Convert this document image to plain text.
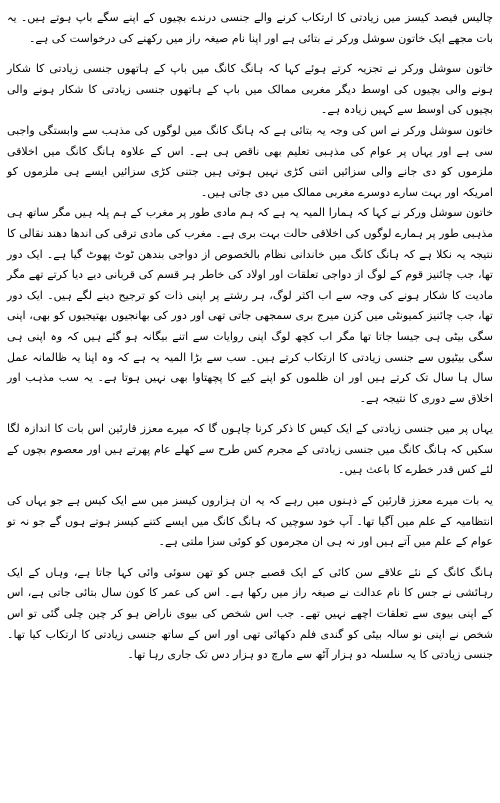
چالیس فیصد کیسز میں زیادتی کا ارتکاب کرنے والے جنسی درندے بچیوں کے اپنے سگے باپ ہوتے ہیں۔ یہ بات مجھے ایک خاتون سوشل ورکر نے بتائی ہے اور اپنا نام صیغہ راز میں رکھنے کی درخواست کی ہے۔

خاتون سوشل ورکر نے تجزیہ کرتے ہوئے کہا کہ ہانگ کانگ میں باپ کے ہاتھوں جنسی زیادتی کا شکار ہونے والی بچیوں کی اوسط دیگر مغربی ممالک میں باپ کے ہاتھوں جنسی زیادتی کا شکار ہونے والی بچیوں کی اوسط سے کہیں زیادہ ہے۔

خاتون سوشل ورکر نے اس کی وجہ یہ بتائی ہے کہ ہانگ کانگ میں لوگوں کی مذہب سے وابستگی واجبی سی ہے اور یہاں پر عوام کی مذہبی تعلیم بھی ناقص ہی ہے۔ اس کے علاوہ ہانگ کانگ میں اخلاقی ملزموں کو دی جانے والی سزائیں اتنی کڑی نہیں ہوتی ہیں جتنی کڑی سزائیں ایسے ہی ملزموں کو امریکہ اور بہت سارے دوسرے مغربی ممالک میں دی جاتی ہیں۔

خاتون سوشل ورکر نے کہا کہ ہمارا المیہ یہ ہے کہ ہم مادی طور پر مغرب کے ہم پلہ ہیں مگر ساتھ ہی مذہبی طور پر ہمارے لوگوں کی اخلاقی حالت بہت بری ہے۔ مغرب کی مادی ترقی کی اندھا دھند نقالی کا نتیجہ یہ نکلا ہے کہ ہانگ کانگ میں خاندانی نظام بالخصوص از دواجی بندھن ٹوٹ پھوٹ گیا ہے۔ ایک دور تھا، جب چائنیز قوم کے لوگ از دواجی تعلقات اور اولاد کی خاطر ہر قسم کی قربانی دیے دیا کرتے تھے مگر مادیت کا شکار ہونے کی وجہ سے اب اکثر لوگ، ہر رشتے پر اپنی ذات کو ترجیح دینے لگے ہیں۔ ایک دور تھا، جب چائنیز کمیونٹی میں کزن میرج بری سمجھی جاتی تھی اور دور کی بھانجیوں بھتیجیوں کو بھی، اپنی سگی بیٹی ہی جیسا جاتا تھا مگر اب کچھ لوگ اپنی روایات سے اتنے بیگانہ ہو گئے ہیں کہ وہ اپنی ہی سگی بیٹیوں سے جنسی زیادتی کا ارتکاب کرتے ہیں۔ سب سے بڑا المیہ یہ ہے کہ وہ اپنا یہ ظالمانہ عمل سال ہا سال تک کرتے ہیں اور ان ظلموں کو اپنے کیے کا پچھتاوا بھی نہیں ہوتا ہے۔ یہ سب مذہب اور اخلاق سے دوری کا نتیجہ ہے۔

یہاں پر میں جنسی زیادتی کے ایک کیس کا ذکر کرنا چاہوں گا کہ میرے معزز قارئین اس بات کا اندازہ لگا سکیں کہ ہانگ کانگ میں جنسی زیادتی کے مجرم کس طرح سے کھلے عام پھرتے ہیں اور معصوم بچوں کے لئے کس قدر خطرے کا باعث ہیں۔

یہ بات میرے معزز قارئین کے ذہنوں میں رہے کہ یہ ان ہزاروں کیسز میں سے ایک کیس ہے جو یہاں کی انتظامیہ کے علم میں آگیا تھا۔ آپ خود سوچیں کہ ہانگ کانگ میں ایسے کتنے کیسز ہوتے ہوں گے جو نہ تو عوام کے علم میں آتے ہیں اور نہ ہی ان مجرموں کو کوئی سزا ملتی ہے۔

ہانگ کانگ کے نئے علاقے سن کائی کے ایک قصبے جس کو تھن سوئی وائی کہا جاتا ہے، وہاں کے ایک رہائشی نے جس کا نام عدالت نے صیغہ راز میں رکھا ہے۔ اس کی عمر کا کون سال بتائی جاتی ہے، اس کے اپنی بیوی سے تعلقات اچھے نہیں تھے۔ جب اس شخص کی بیوی ناراض ہو کر چین چلی گئی تو اس شخص نے اپنی نو سالہ بیٹی کو گندی فلم دکھائی تھی اور اس کے ساتھ جنسی زیادتی کا ارتکاب کیا تھا۔ جنسی زیادتی کا یہ سلسلہ دو ہزار آٹھ سے مارچ دو ہزار دس تک جاری رہا تھا۔
